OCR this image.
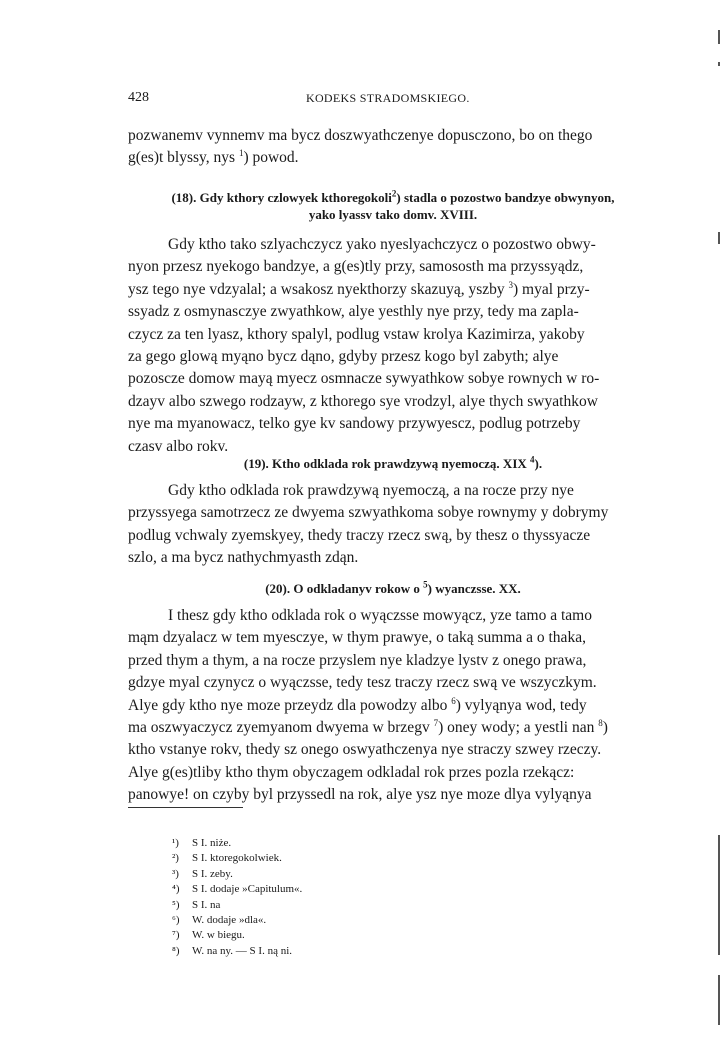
428	KODEKS STRADOMSKIEGO.
pozwanemv vynnemv ma bycz doszwyathczenye dopusczono, bo on thego
g(es)t blyssy, nys $^1$) powod.
(18). Gdy kthory czlowyek kthoregokoli$^2$) stadla o pozostwo bandzye obwynyon,
yako lyassv tako domv. XVIII.
Gdy ktho tako szlyachczycz yako nyeslyachczycz o pozostwo obwy-
nyon przesz nyekogo bandzye, a g(es)tly przy, samososth ma przyssyądz,
ysz tego nye vdzyalal; a wsakosz nyekthorzy skazuyą, yszby $^3$) myal przy-
ssyadz z osmynasczye zwyathkow, alye yesthly nye przy, tedy ma zapla-
czycz za ten lyasz, kthory spalyl, podlug vstaw krolya Kazimirza, yakoby
za gego glową myąno bycz dąno, gdyby przesz kogo byl zabyth; alye
pozosczе domow mayą myecz osmnacze sywyathkow sobye rownych w ro-
dzayv albo szwego rodzayw, z kthorego sye vrodzyl, alye thych swyathkow
nye ma myanowacz, telko gye kv sandowy przywyescz, podlug potrzeby
czasv albo rokv.
(19). Ktho odklada rok prawdzywą nyemoczą. XIX $^4$).
Gdy ktho odklada rok prawdzywą nyemoczą, a na rocze przy nye
przyssyega samotrzecz ze dwyema szwyathkoma sobye rownymy y dobrymy
podlug vchwaly zyemskyey, thedy traczy rzecz swą, by thesz o thyssyacze
szlo, a ma bycz nathychmyasth zdąn.
(20). O odkladanyv rokow o $^5$) wyanczsse. XX.
I thesz gdy ktho odklada rok o wyączsse mowyącz, yze tamo a tamo
mąm dzyalacz w tem myesczye, w thym prawye, o taką summa a o thaka,
przed thym a thym, a na rocze przyslem nye kladzye lystv z onego prawa,
gdzye myal czynycz o wyączsse, tedy tesz traczy rzecz swą ve wszyczkym.
Alye gdy ktho nye moze przeydz dla powodzy albo $^6$) vylyąnya wod, tedy
ma oszwyaczycz zyemyanom dwyema w brzegv $^7$) oney wody; a yestli nan $^8$)
kthо vstanye rokv, thedy sz onego oswyathczenya nye straczy szwey rzeczy.
Alye g(es)tliby ktho thym obyczagem odkladal rok przes pozla rzekącz:
panowye! on czyby byl przyssedl na rok, alye ysz nye moze dlya vylyąnya
¹) S I. niże.
²) S I. ktoregokolwiek.
³) S I. zeby.
⁴) S I. dodaje »Capitulum«.
⁵) S I. na
⁶) W. dodaje »dla«.
⁷) W. w biegu.
⁸) W. na ny. — S I. ną ni.
